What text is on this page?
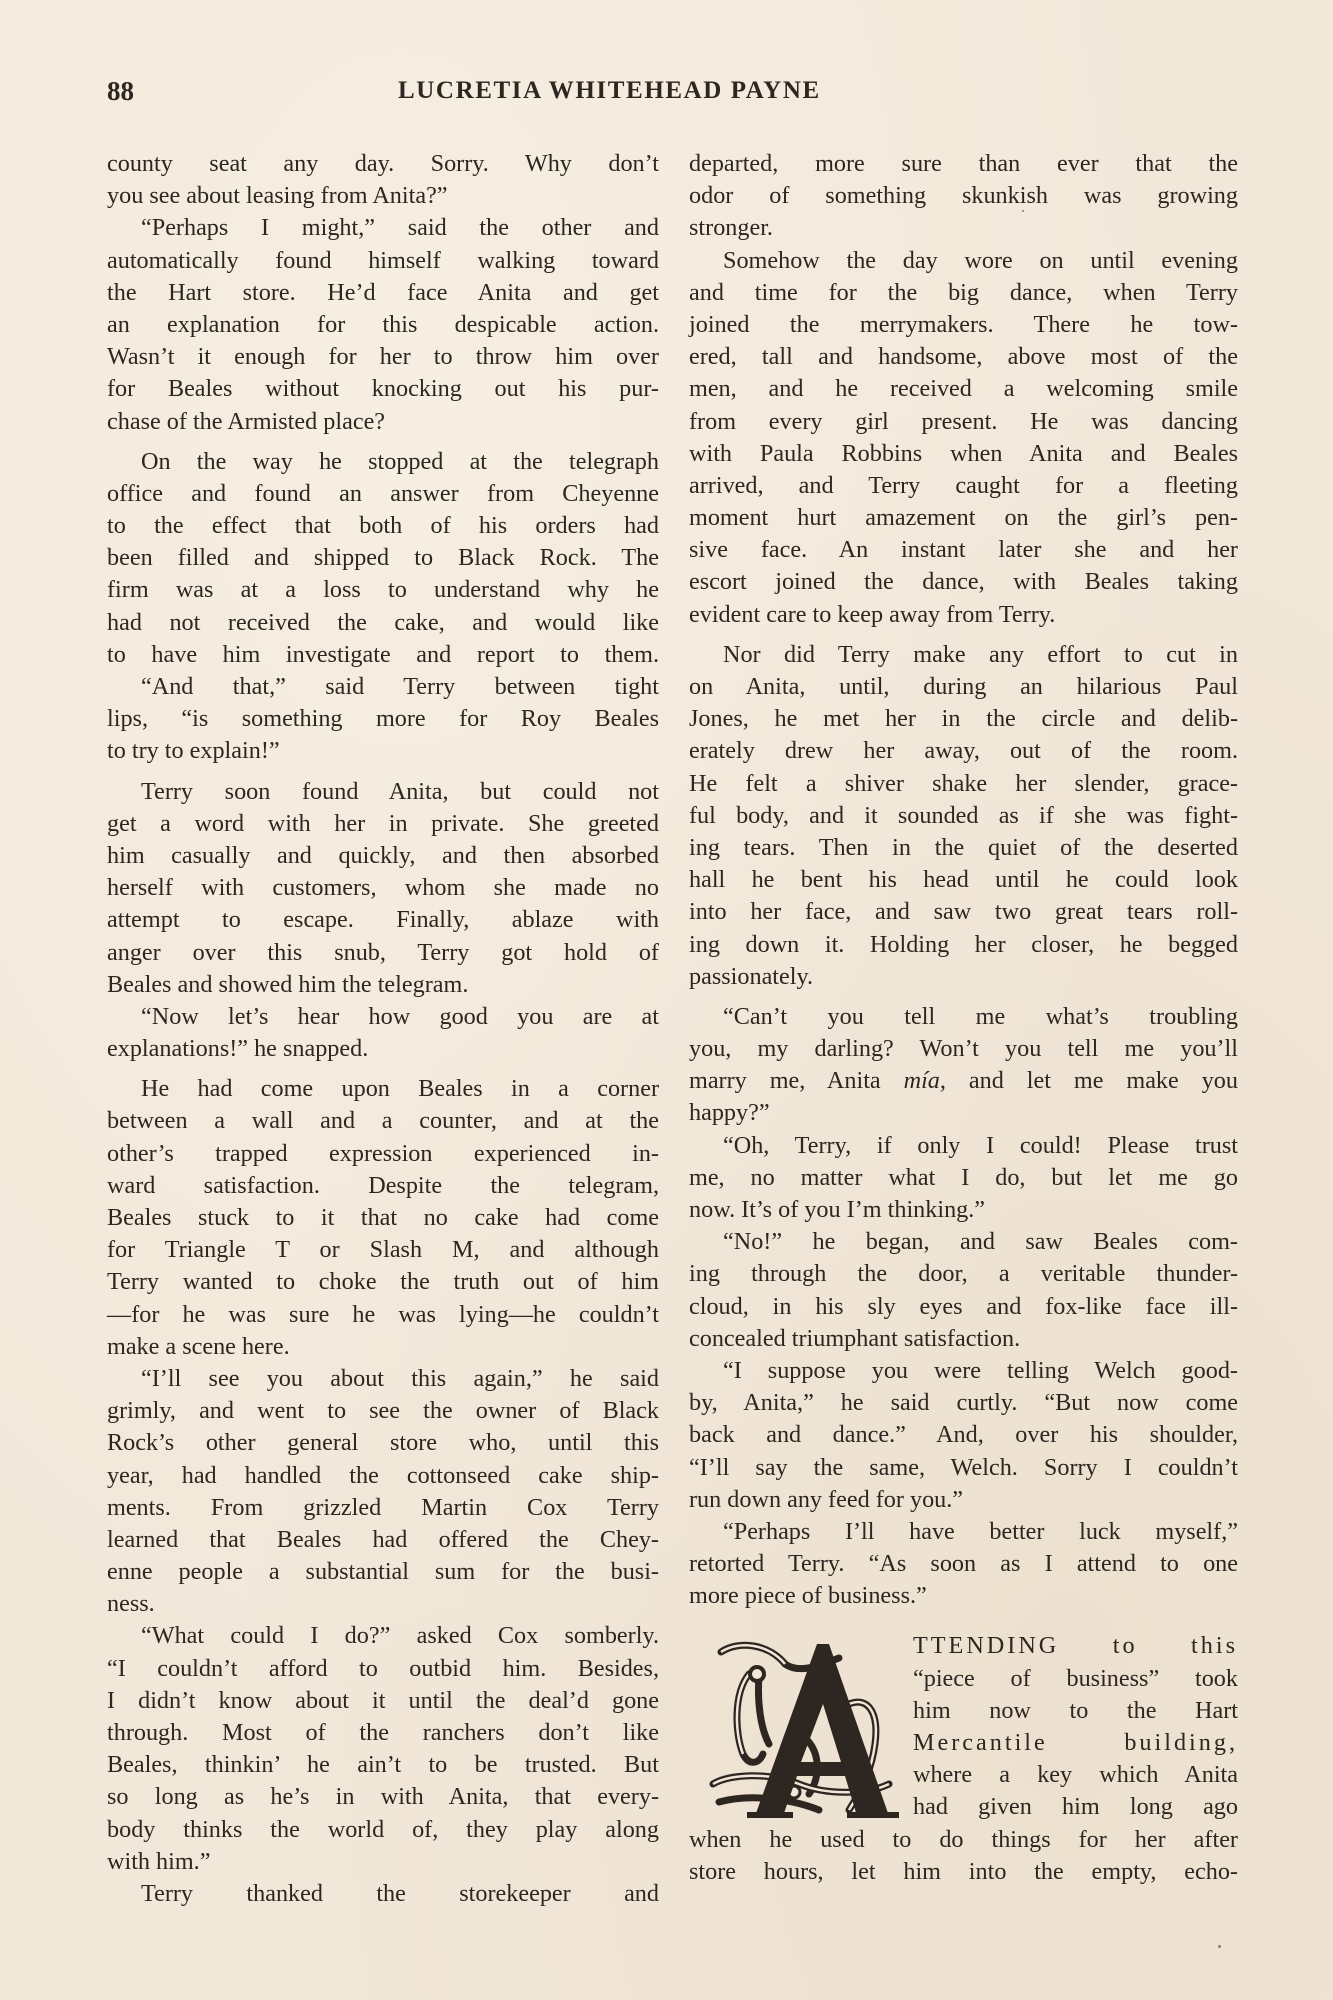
88	LUCRETIA WHITEHEAD PAYNE
county seat any day. Sorry. Why don’t
you see about leasing from Anita?”
“Perhaps I might,” said the other and
automatically found himself walking toward
the Hart store. He’d face Anita and get
an explanation for this despicable action.
Wasn’t it enough for her to throw him over
for Beales without knocking out his pur-
chase of the Armisted place?
On the way he stopped at the telegraph
office and found an answer from Cheyenne
to the effect that both of his orders had
been filled and shipped to Black Rock. The
firm was at a loss to understand why he
had not received the cake, and would like
to have him investigate and report to them.
“And that,” said Terry between tight
lips, “is something more for Roy Beales
to try to explain!”
Terry soon found Anita, but could not
get a word with her in private. She greeted
him casually and quickly, and then absorbed
herself with customers, whom she made no
attempt to escape. Finally, ablaze with
anger over this snub, Terry got hold of
Beales and showed him the telegram.
“Now let’s hear how good you are at
explanations!” he snapped.
He had come upon Beales in a corner
between a wall and a counter, and at the
other’s trapped expression experienced in-
ward satisfaction. Despite the telegram,
Beales stuck to it that no cake had come
for Triangle T or Slash M, and although
Terry wanted to choke the truth out of him
—for he was sure he was lying—he couldn’t
make a scene here.
“I’ll see you about this again,” he said
grimly, and went to see the owner of Black
Rock’s other general store who, until this
year, had handled the cottonseed cake ship-
ments. From grizzled Martin Cox Terry
learned that Beales had offered the Chey-
enne people a substantial sum for the busi-
ness.
“What could I do?” asked Cox somberly.
“I couldn’t afford to outbid him. Besides,
I didn’t know about it until the deal’d gone
through. Most of the ranchers don’t like
Beales, thinkin’ he ain’t to be trusted. But
so long as he’s in with Anita, that every-
body thinks the world of, they play along
with him.”
Terry thanked the storekeeper and
departed, more sure than ever that the
odor of something skunkish was growing
stronger.
Somehow the day wore on until evening
and time for the big dance, when Terry
joined the merrymakers. There he tow-
ered, tall and handsome, above most of the
men, and he received a welcoming smile
from every girl present. He was dancing
with Paula Robbins when Anita and Beales
arrived, and Terry caught for a fleeting
moment hurt amazement on the girl’s pen-
sive face. An instant later she and her
escort joined the dance, with Beales taking
evident care to keep away from Terry.
Nor did Terry make any effort to cut in
on Anita, until, during an hilarious Paul
Jones, he met her in the circle and delib-
erately drew her away, out of the room.
He felt a shiver shake her slender, grace-
ful body, and it sounded as if she was fight-
ing tears. Then in the quiet of the deserted
hall he bent his head until he could look
into her face, and saw two great tears roll-
ing down it. Holding her closer, he begged
passionately.
“Can’t you tell me what’s troubling
you, my darling? Won’t you tell me you’ll
marry me, Anita mía, and let me make you
happy?”
“Oh, Terry, if only I could! Please trust
me, no matter what I do, but let me go
now. It’s of you I’m thinking.”
“No!” he began, and saw Beales com-
ing through the door, a veritable thunder-
cloud, in his sly eyes and fox-like face ill-
concealed triumphant satisfaction.
“I suppose you were telling Welch good-
by, Anita,” he said curtly. “But now come
back and dance.” And, over his shoulder,
“I’ll say the same, Welch. Sorry I couldn’t
run down any feed for you.”
“Perhaps I’ll have better luck myself,”
retorted Terry. “As soon as I attend to one
more piece of business.”
TTENDING to this
“piece of business” took
him now to the Hart
Mercantile building,
where a key which Anita
had given him long ago
when he used to do things for her after
store hours, let him into the empty, echo-
